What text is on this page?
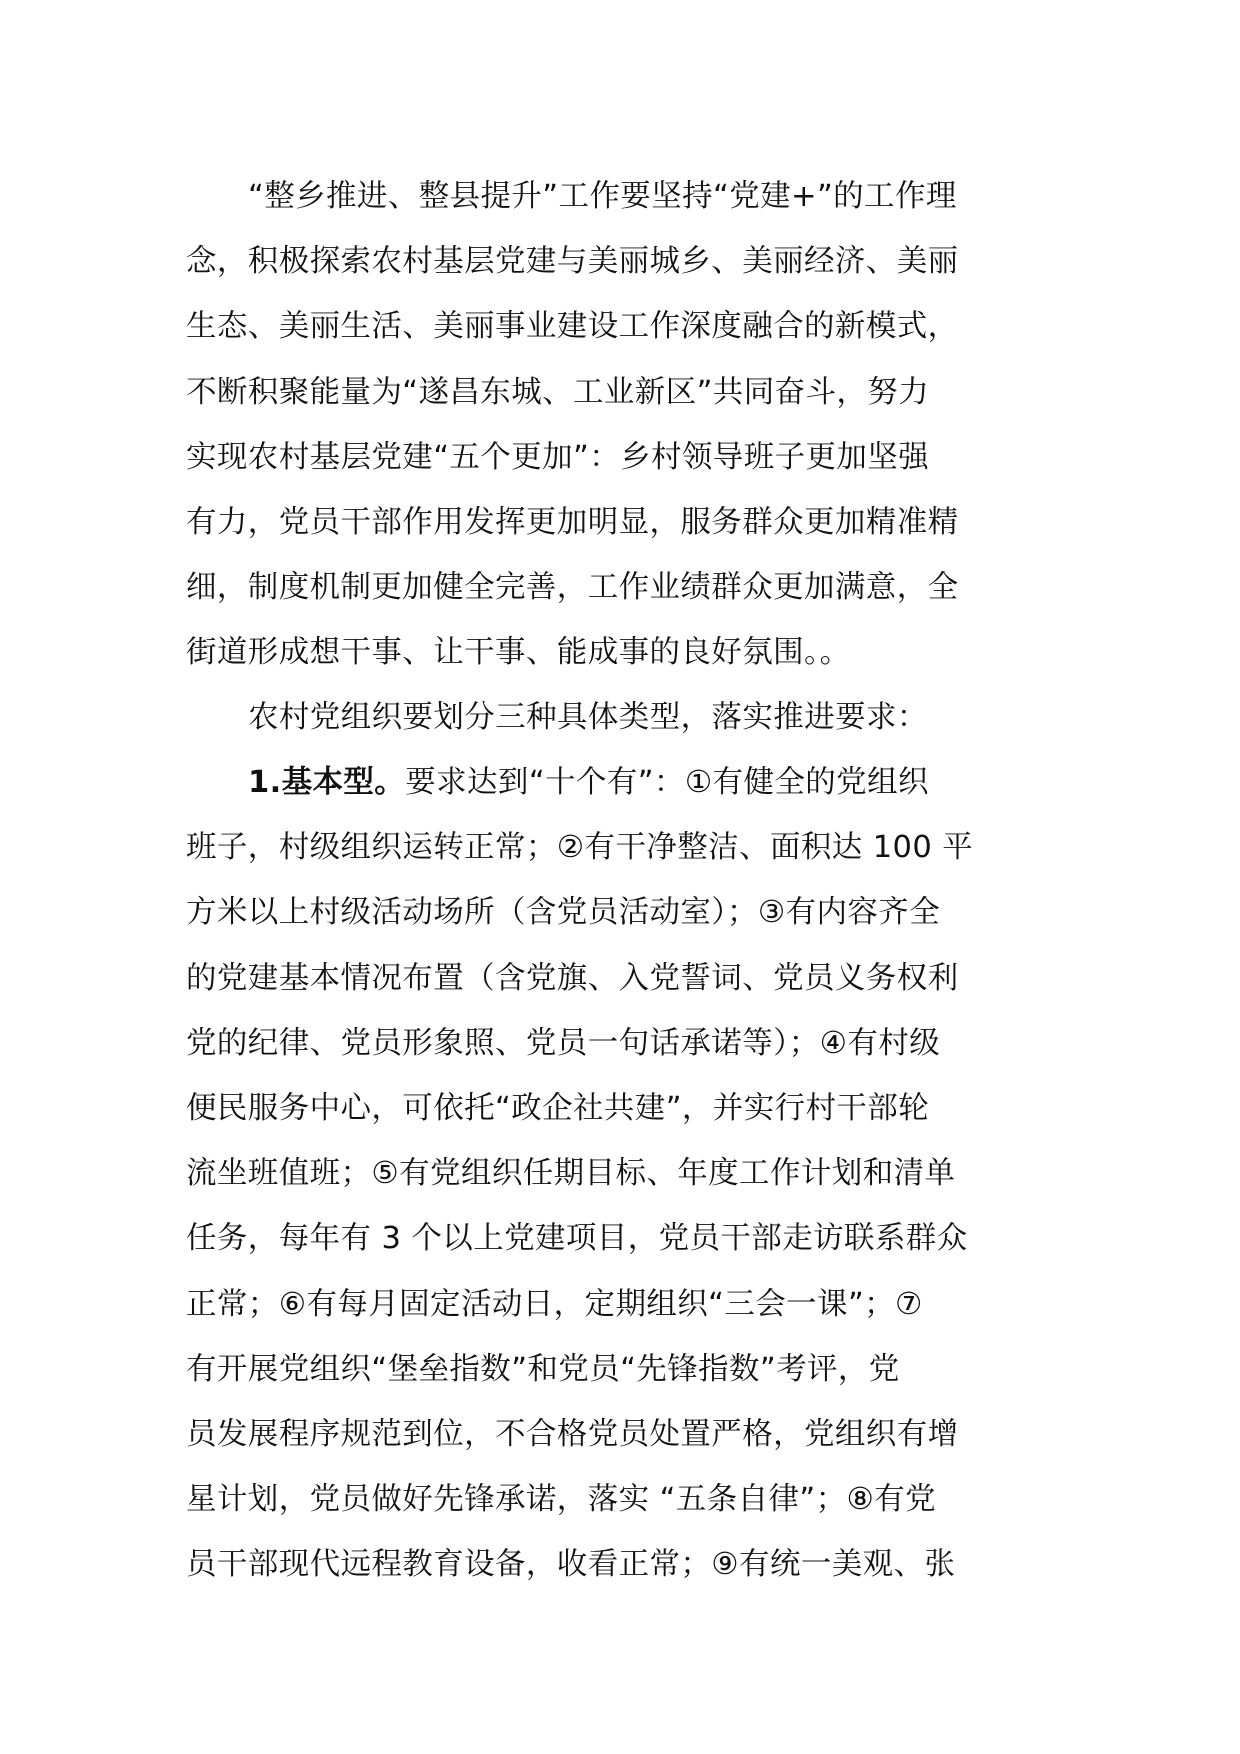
“整乡推进、整县提升”工作要坚持“党建+”的工作理
念，积极探索农村基层党建与美丽城乡、美丽经济、美丽
生态、美丽生活、美丽事业建设工作深度融合的新模式，
不断积聚能量为“遂昌东城、工业新区”共同奋斗，努力
实现农村基层党建“五个更加”：乡村领导班子更加坚强
有力，党员干部作用发挥更加明显，服务群众更加精准精
细，制度机制更加健全完善，工作业绩群众更加满意，全
街道形成想干事、让干事、能成事的良好氛围。。
农村党组织要划分三种具体类型，落实推进要求：
1.基本型。要求达到“十个有”：①有健全的党组织
班子，村级组织运转正常；②有干净整洁、面积达 100 平
方米以上村级活动场所（含党员活动室）；③有内容齐全
的党建基本情况布置（含党旗、入党誓词、党员义务权利
党的纪律、党员形象照、党员一句话承诺等）；④有村级
便民服务中心，可依托“政企社共建”，并实行村干部轮
流坐班值班；⑤有党组织任期目标、年度工作计划和清单
任务，每年有 3 个以上党建项目，党员干部走访联系群众
正常；⑥有每月固定活动日，定期组织“三会一课”；⑦
有开展党组织“堡垒指数”和党员“先锋指数”考评，党
员发展程序规范到位，不合格党员处置严格，党组织有增
星计划，党员做好先锋承诺，落实 “五条自律”；⑧有党
员干部现代远程教育设备，收看正常；⑨有统一美观、张
